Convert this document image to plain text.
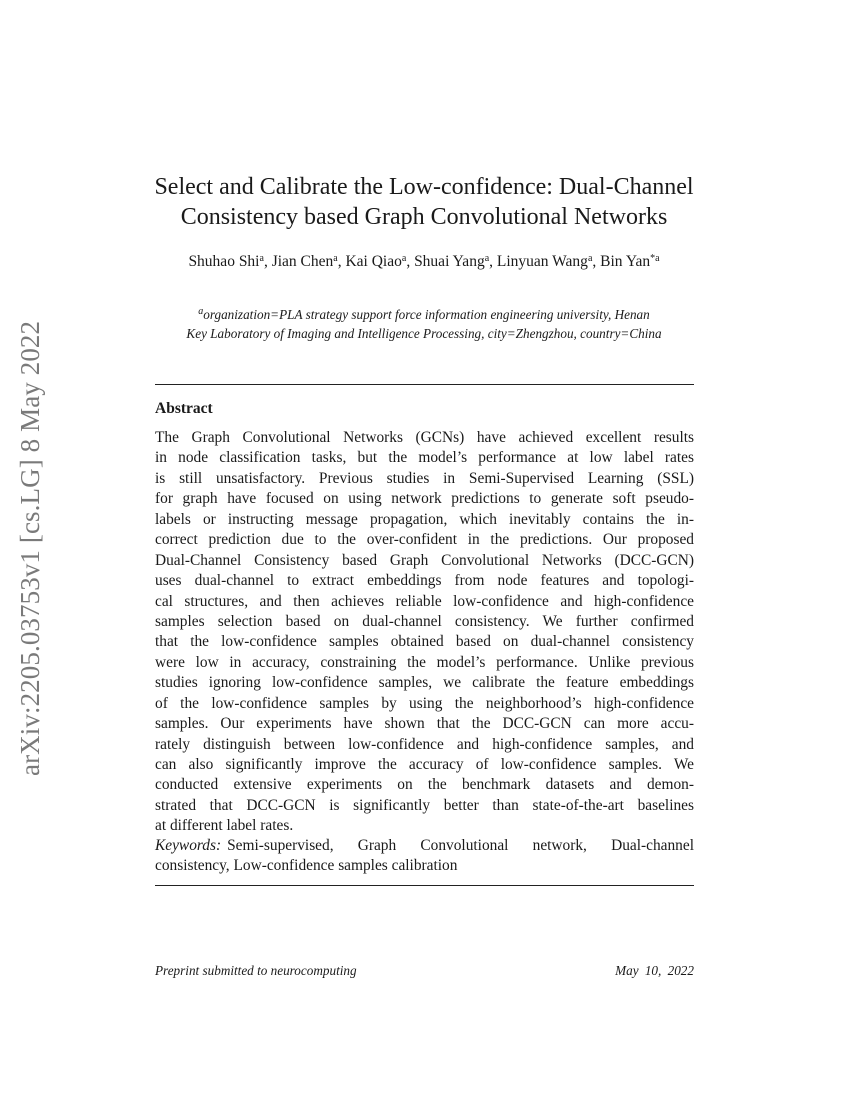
arXiv:2205.03753v1 [cs.LG] 8 May 2022
Select and Calibrate the Low-confidence: Dual-Channel
Consistency based Graph Convolutional Networks
Shuhao Shi$^a$, Jian Chen$^a$, Kai Qiao$^a$, Shuai Yang$^a$, Linyuan Wang$^a$, Bin Yan$^{*a}$
$^a$organization=PLA strategy support force information engineering university, Henan
Key Laboratory of Imaging and Intelligence Processing, city=Zhengzhou, country=China
Abstract
The Graph Convolutional Networks (GCNs) have achieved excellent results
in node classification tasks, but the model’s performance at low label rates
is still unsatisfactory. Previous studies in Semi-Supervised Learning (SSL)
for graph have focused on using network predictions to generate soft pseudo-
labels or instructing message propagation, which inevitably contains the in-
correct prediction due to the over-confident in the predictions. Our proposed
Dual-Channel Consistency based Graph Convolutional Networks (DCC-GCN)
uses dual-channel to extract embeddings from node features and topologi-
cal structures, and then achieves reliable low-confidence and high-confidence
samples selection based on dual-channel consistency. We further confirmed
that the low-confidence samples obtained based on dual-channel consistency
were low in accuracy, constraining the model’s performance. Unlike previous
studies ignoring low-confidence samples, we calibrate the feature embeddings
of the low-confidence samples by using the neighborhood’s high-confidence
samples. Our experiments have shown that the DCC-GCN can more accu-
rately distinguish between low-confidence and high-confidence samples, and
can also significantly improve the accuracy of low-confidence samples. We
conducted extensive experiments on the benchmark datasets and demon-
strated that DCC-GCN is significantly better than state-of-the-art baselines
at different label rates.
Keywords: Semi-supervised, Graph Convolutional network, Dual-channel
consistency, Low-confidence samples calibration
Preprint submitted to neurocomputing	May 10, 2022
